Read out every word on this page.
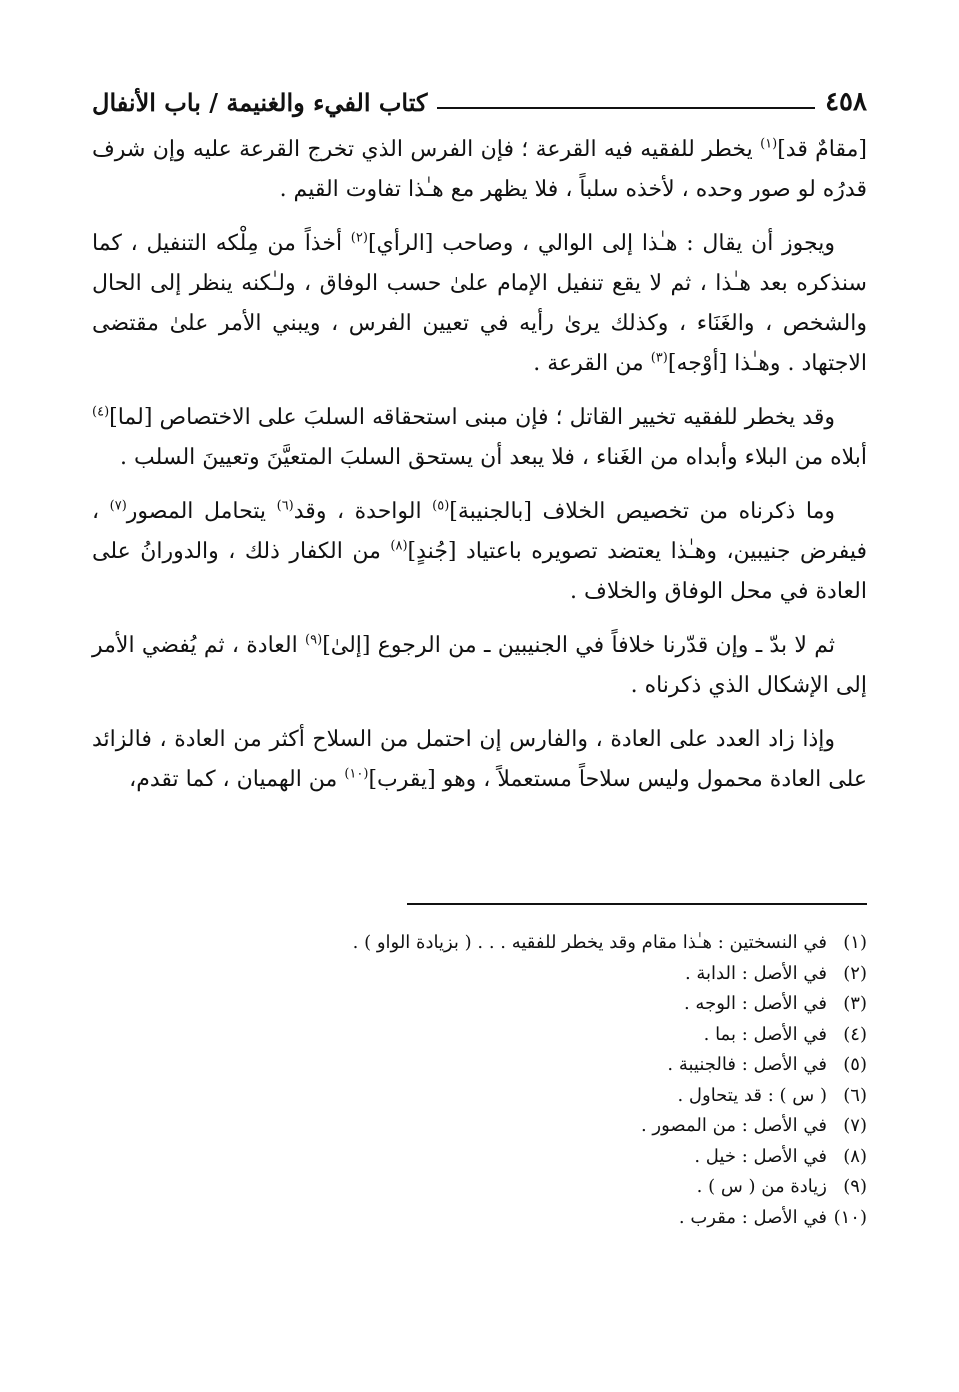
٤٥٨
كتاب الفيء والغنيمة / باب الأنفال

[مقامٌ قد]$^{(١)}$ يخطر للفقيه فيه القرعة ؛ فإن الفرس الذي تخرج القرعة عليه وإن شرف قدرُه لو صور وحده ، لأخذه سلباً ، فلا يظهر مع هـٰذا تفاوت القيم .

ويجوز أن يقال : هـٰذا إلى الوالي ، وصاحب [الرأي]$^{(٢)}$ أخذاً من مِلْكه التنفيل ، كما سنذكره بعد هـٰذا ، ثم لا يقع تنفيل الإمام علىٰ حسب الوفاق ، ولـٰكنه ينظر إلى الحال والشخص ، والغَنَاء ، وكذلك يرىٰ رأيه في تعيين الفرس ، ويبني الأمر علىٰ مقتضى الاجتهاد . وهـٰذا [أوْجه]$^{(٣)}$ من القرعة .

وقد يخطر للفقيه تخيير القاتل ؛ فإن مبنى استحقاقه السلبَ على الاختصاص [لما]$^{(٤)}$ أبلاه من البلاء وأبداه من الغَناء ، فلا يبعد أن يستحق السلبَ المتعيَّنَ وتعيينَ السلب .

وما ذكرناه من تخصيص الخلاف [بالجنيبة]$^{(٥)}$ الواحدة ، وقد$^{(٦)}$ يتحامل المصور$^{(٧)}$ ، فيفرض جنيبين، وهـٰذا يعتضد تصويره باعتياد [جُندٍ]$^{(٨)}$ من الكفار ذلك ، والدورانُ على العادة في محل الوفاق والخلاف .

ثم لا بدّ ـ وإن قدّرنا خلافاً في الجنيبين ـ من الرجوع [إلىٰ]$^{(٩)}$ العادة ، ثم يُفضي الأمر إلى الإشكال الذي ذكرناه .

وإذا زاد العدد على العادة ، والفارس إن احتمل من السلاح أكثر من العادة ، فالزائد على العادة محمول وليس سلاحاً مستعملاً ، وهو [يقرب]$^{(١٠)}$ من الهميان ، كما تقدم،

(١)
في النسختين : هـٰذا مقام وقد يخطر للفقيه . . . ( بزيادة الواو ) .
(٢)
في الأصل : الدابة .
(٣)
في الأصل : الوجه .
(٤)
في الأصل : بما .
(٥)
في الأصل : فالجنيبة .
(٦)
( س ) : قد يتحاول .
(٧)
في الأصل : من المصور .
(٨)
في الأصل : خيل .
(٩)
زيادة من ( س ) .
(١٠)
في الأصل : مقرب .
